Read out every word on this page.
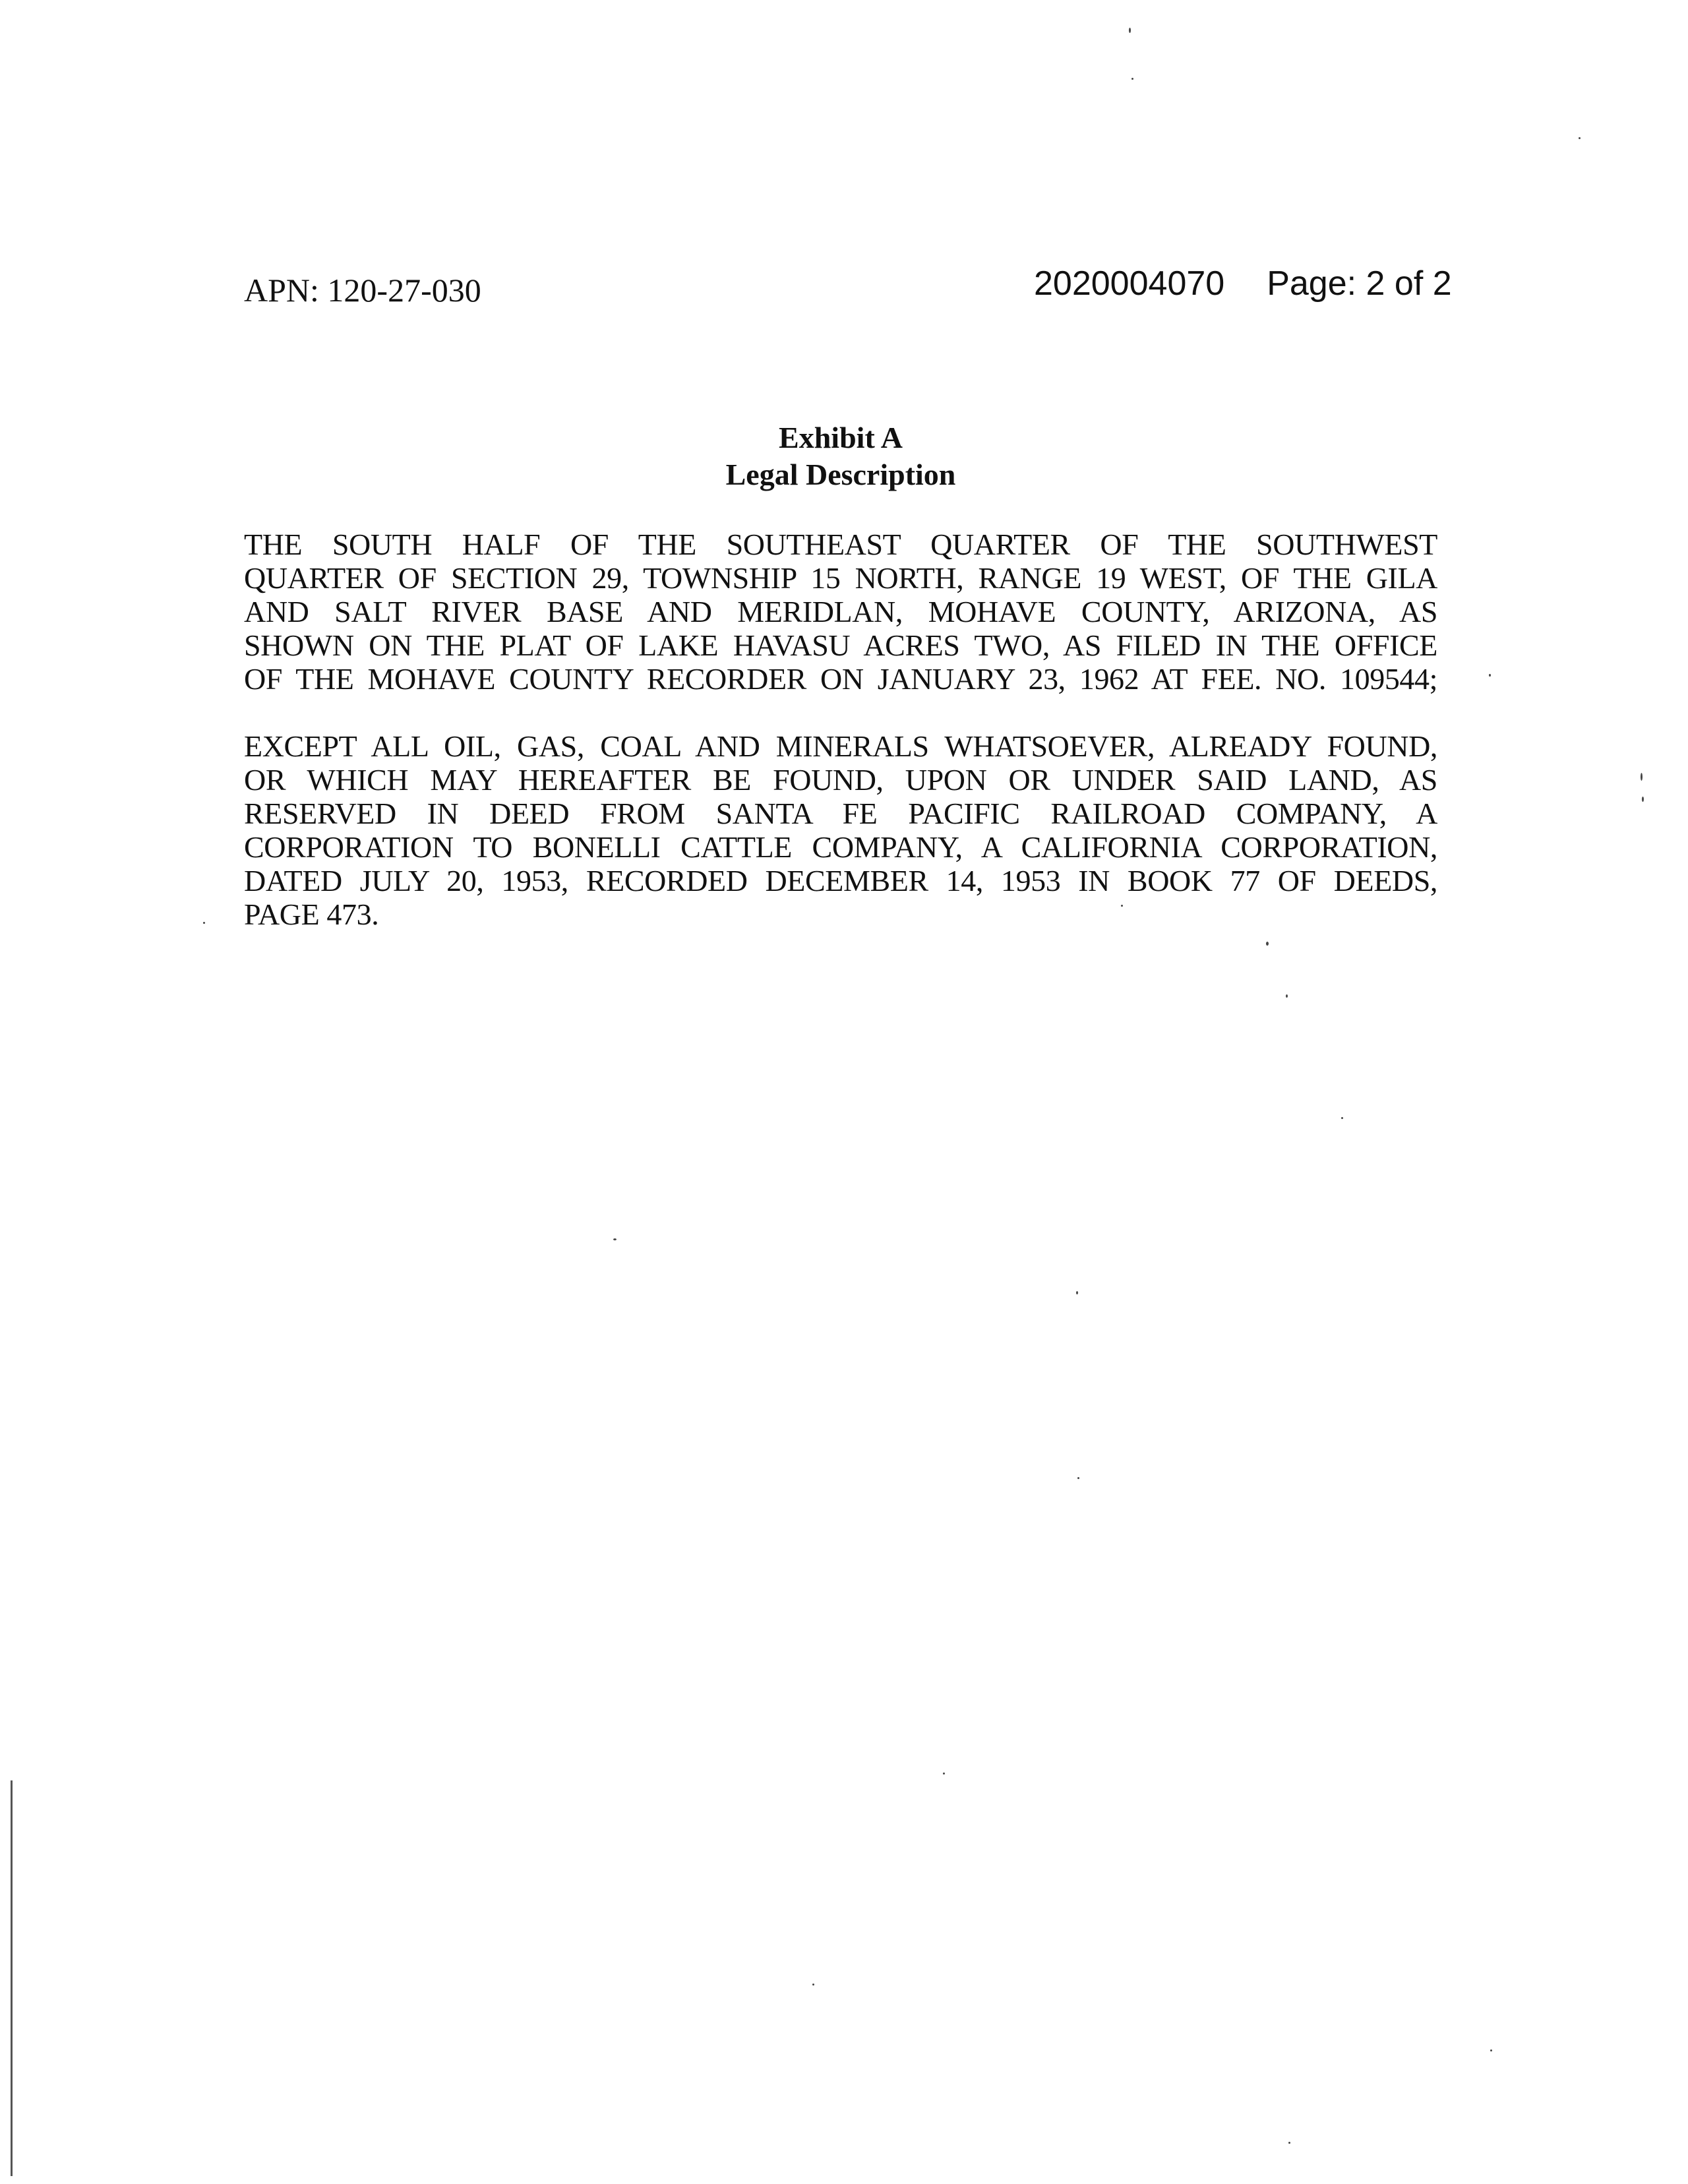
APN: 120-27-030	2020004070 Page: 2 of 2
Exhibit A
Legal Description

THE SOUTH HALF OF THE SOUTHEAST QUARTER OF THE SOUTHWEST
QUARTER OF SECTION 29, TOWNSHIP 15 NORTH, RANGE 19 WEST, OF THE GILA
AND SALT RIVER BASE AND MERIDLAN, MOHAVE COUNTY, ARIZONA, AS
SHOWN ON THE PLAT OF LAKE HAVASU ACRES TWO, AS FILED IN THE OFFICE
OF THE MOHAVE COUNTY RECORDER ON JANUARY 23, 1962 AT FEE. NO. 109544;

EXCEPT ALL OIL, GAS, COAL AND MINERALS WHATSOEVER, ALREADY FOUND,
OR WHICH MAY HEREAFTER BE FOUND, UPON OR UNDER SAID LAND, AS
RESERVED IN DEED FROM SANTA FE PACIFIC RAILROAD COMPANY, A
CORPORATION TO BONELLI CATTLE COMPANY, A CALIFORNIA CORPORATION,
DATED JULY 20, 1953, RECORDED DECEMBER 14, 1953 IN BOOK 77 OF DEEDS,
PAGE 473.
